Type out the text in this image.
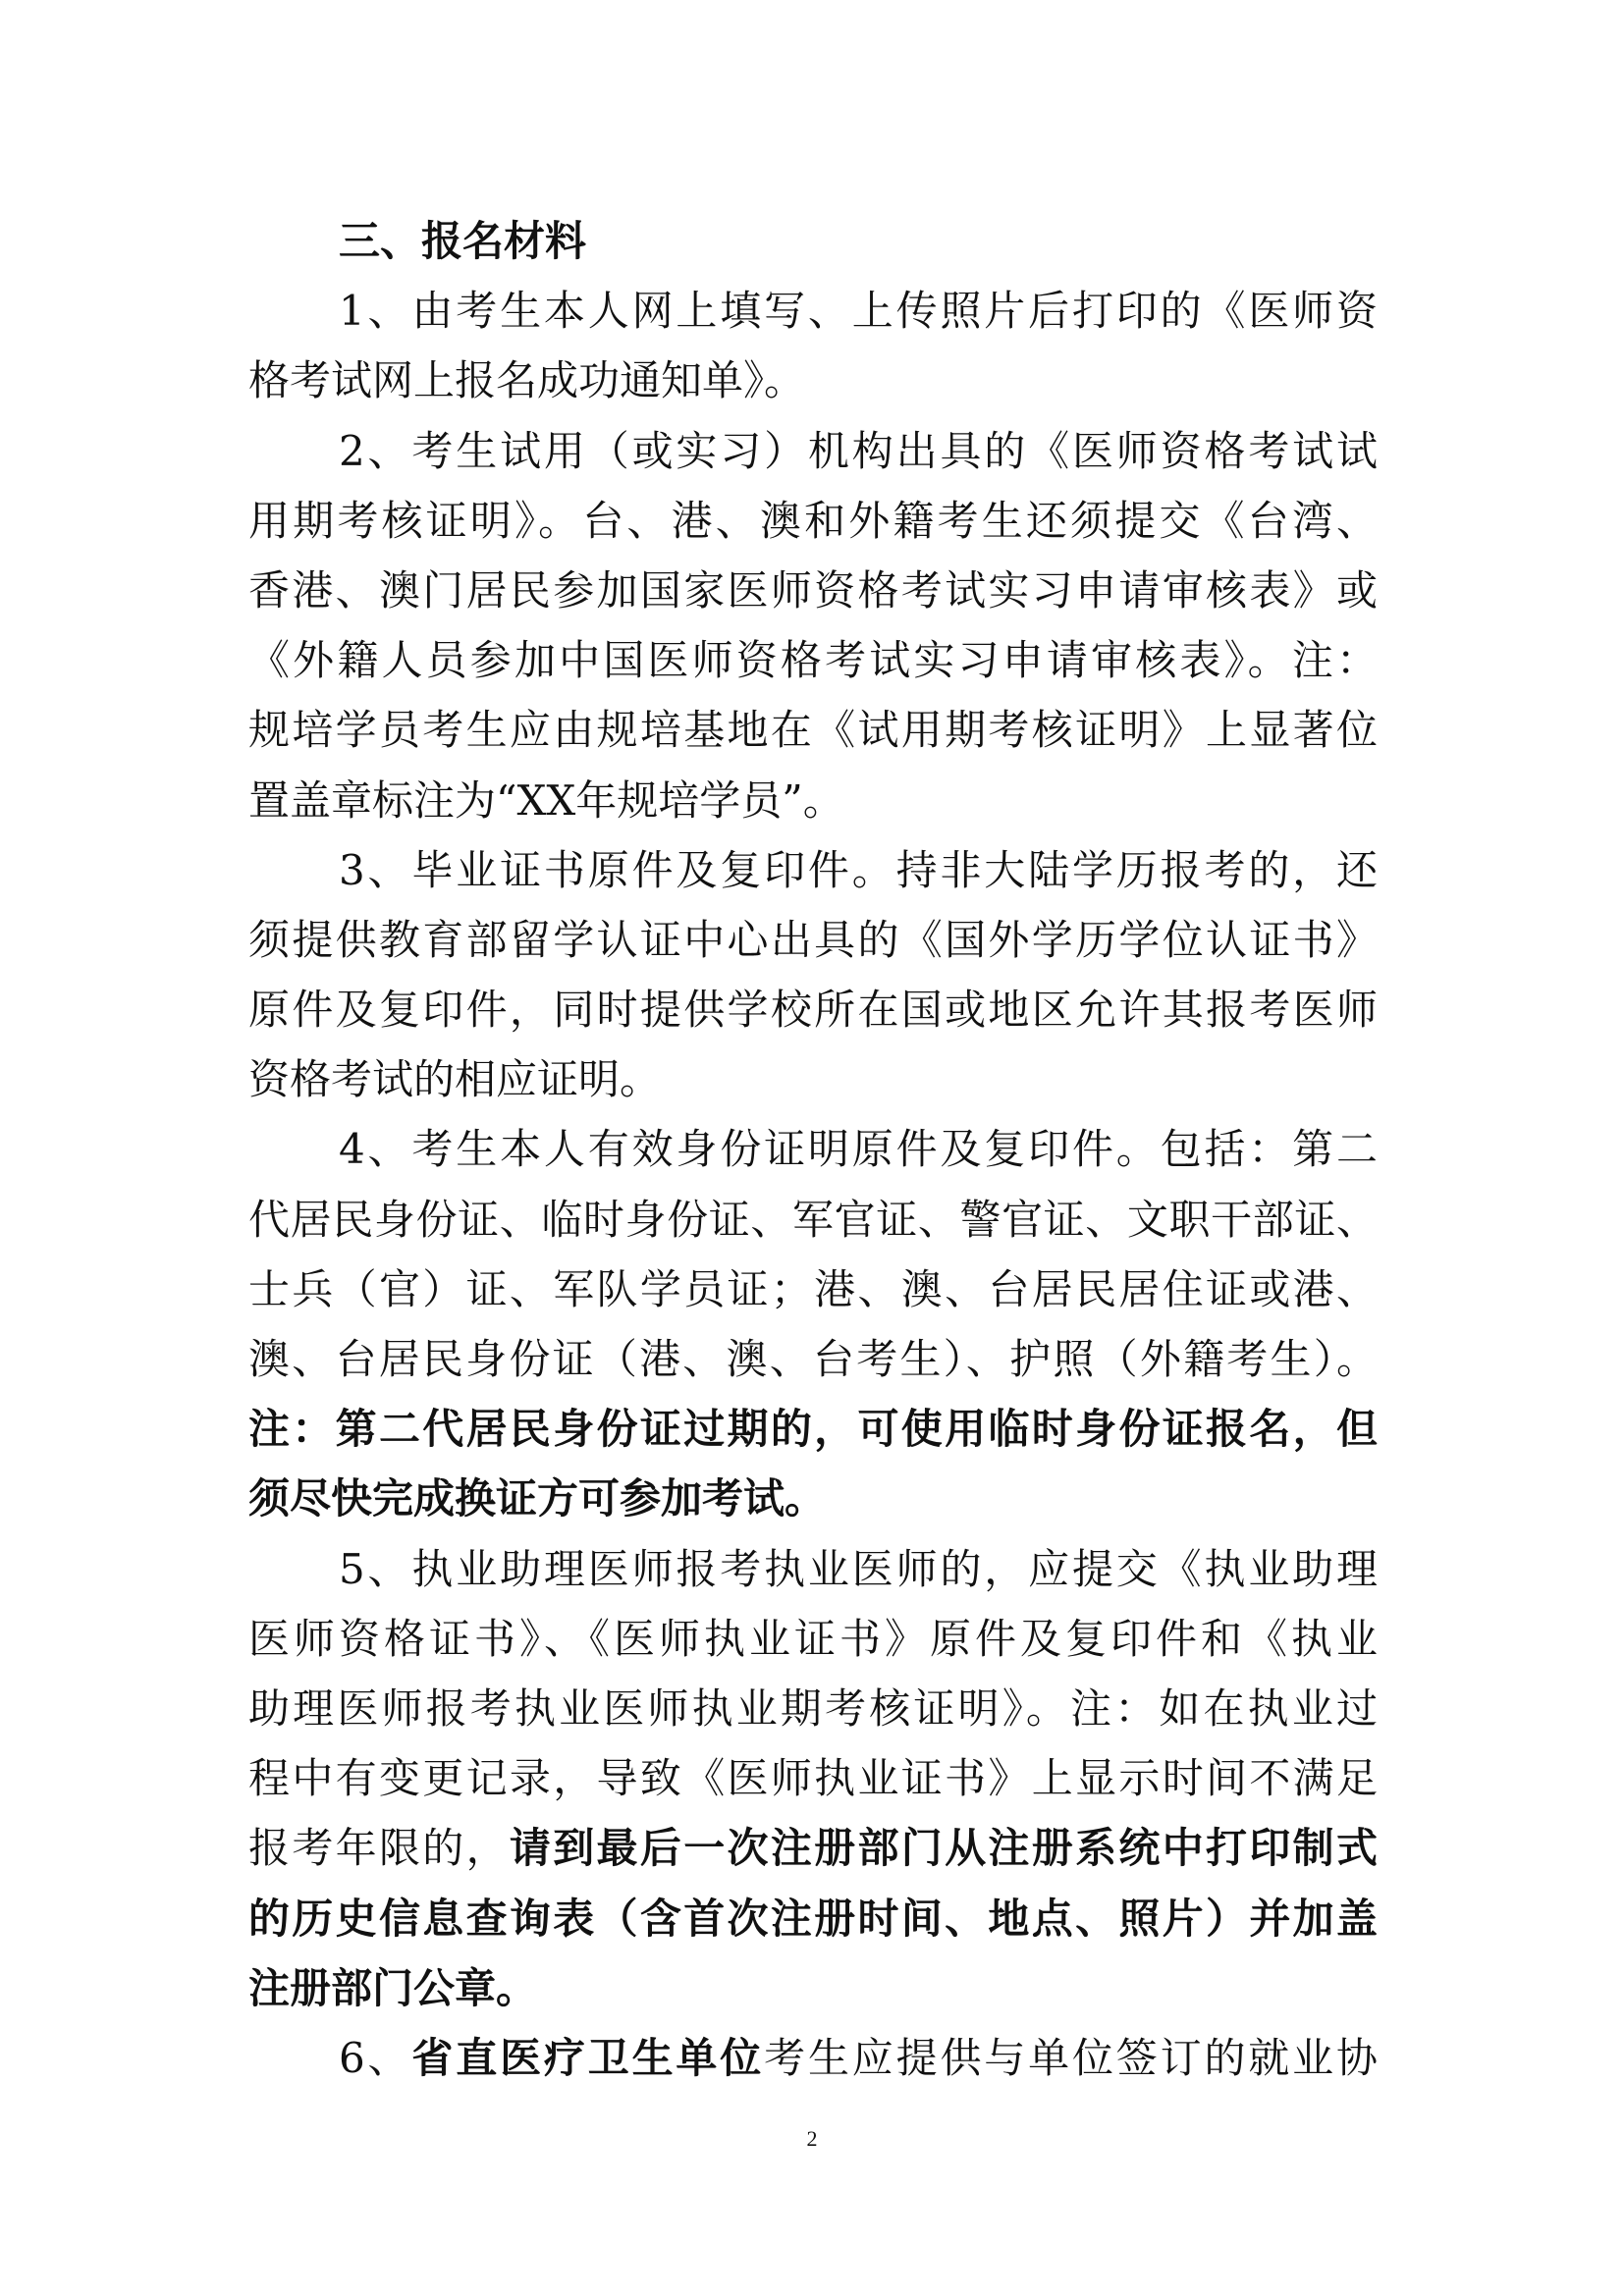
三、报名材料
1、由考生本人网上填写、上传照片后打印的《医师资
格考试网上报名成功通知单》。
2、考生试用（或实习）机构出具的《医师资格考试试
用期考核证明》。台、港、澳和外籍考生还须提交《台湾、
香港、澳门居民参加国家医师资格考试实习申请审核表》或
《外籍人员参加中国医师资格考试实习申请审核表》。注：
规培学员考生应由规培基地在《试用期考核证明》上显著位
置盖章标注为“XX年规培学员”。
3、毕业证书原件及复印件。持非大陆学历报考的，还
须提供教育部留学认证中心出具的《国外学历学位认证书》
原件及复印件，同时提供学校所在国或地区允许其报考医师
资格考试的相应证明。
4、考生本人有效身份证明原件及复印件。包括：第二
代居民身份证、临时身份证、军官证、警官证、文职干部证、
士兵（官）证、军队学员证；港、澳、台居民居住证或港、
澳、台居民身份证（港、澳、台考生）、护照（外籍考生）。
注：第二代居民身份证过期的，可使用临时身份证报名，但
须尽快完成换证方可参加考试。
5、执业助理医师报考执业医师的，应提交《执业助理
医师资格证书》、《医师执业证书》原件及复印件和《执业
助理医师报考执业医师执业期考核证明》。注：如在执业过
程中有变更记录，导致《医师执业证书》上显示时间不满足
报考年限的，请到最后一次注册部门从注册系统中打印制式
的历史信息查询表（含首次注册时间、地点、照片）并加盖
注册部门公章。
6、省直医疗卫生单位考生应提供与单位签订的就业协
2
